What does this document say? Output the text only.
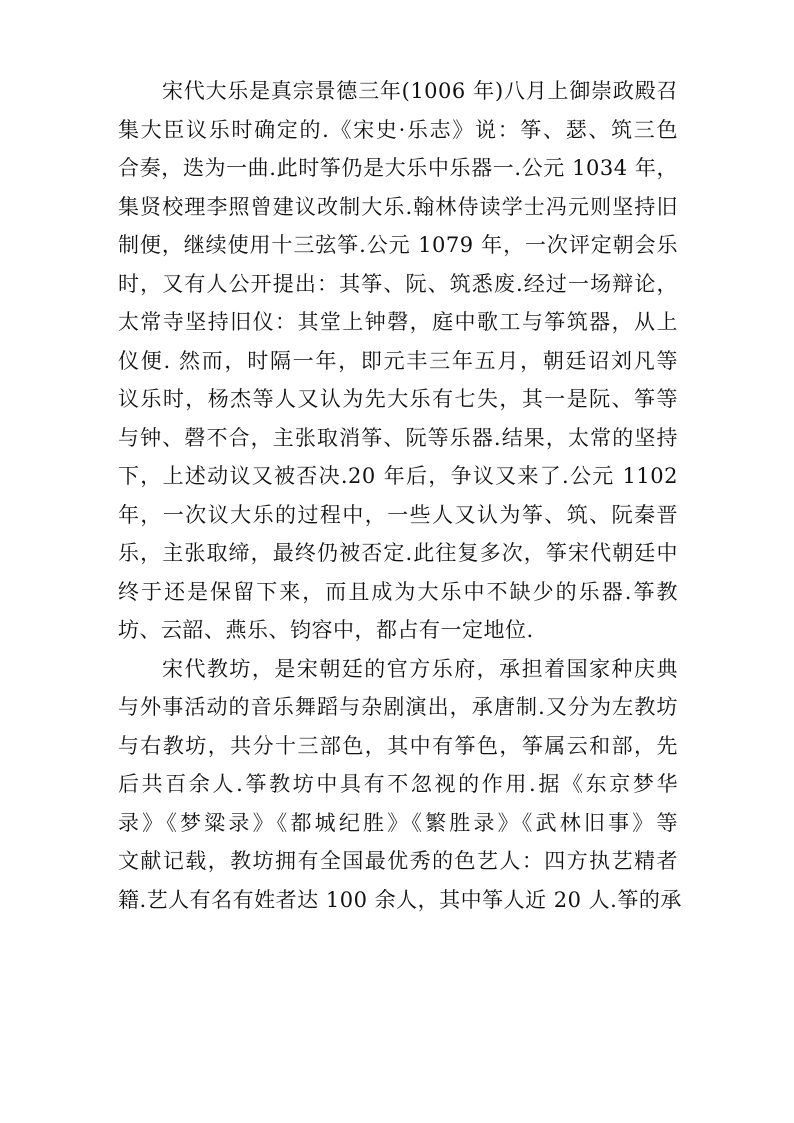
宋代大乐是真宗景德三年(1006 年)八月上御崇政殿召
集大臣议乐时确定的.《宋史·乐志》说：筝、瑟、筑三色
合奏，迭为一曲.此时筝仍是大乐中乐器一.公元 1034 年，
集贤校理李照曾建议改制大乐.翰林侍读学士冯元则坚持旧
制便，继续使用十三弦筝.公元 1079 年，一次评定朝会乐
时，又有人公开提出：其筝、阮、筑悉废.经过一场辩论，
太常寺坚持旧仪：其堂上钟磬，庭中歌工与筝筑器，从上
仪便. 然而，时隔一年，即元丰三年五月，朝廷诏刘凡等
议乐时，杨杰等人又认为先大乐有七失，其一是阮、筝等
与钟、磬不合，主张取消筝、阮等乐器.结果，太常的坚持
下，上述动议又被否决.20 年后，争议又来了.公元 1102
年，一次议大乐的过程中，一些人又认为筝、筑、阮秦晋
乐，主张取缔，最终仍被否定.此往复多次，筝宋代朝廷中
终于还是保留下来，而且成为大乐中不缺少的乐器.筝教
坊、云韶、燕乐、钧容中，都占有一定地位.
宋代教坊，是宋朝廷的官方乐府，承担着国家种庆典
与外事活动的音乐舞蹈与杂剧演出，承唐制.又分为左教坊
与右教坊，共分十三部色，其中有筝色，筝属云和部，先
后共百余人.筝教坊中具有不忽视的作用.据《东京梦华
录》《梦粱录》《都城纪胜》《繁胜录》《武林旧事》等
文献记载，教坊拥有全国最优秀的色艺人：四方执艺精者
籍.艺人有名有姓者达 100 余人，其中筝人近 20 人.筝的承
